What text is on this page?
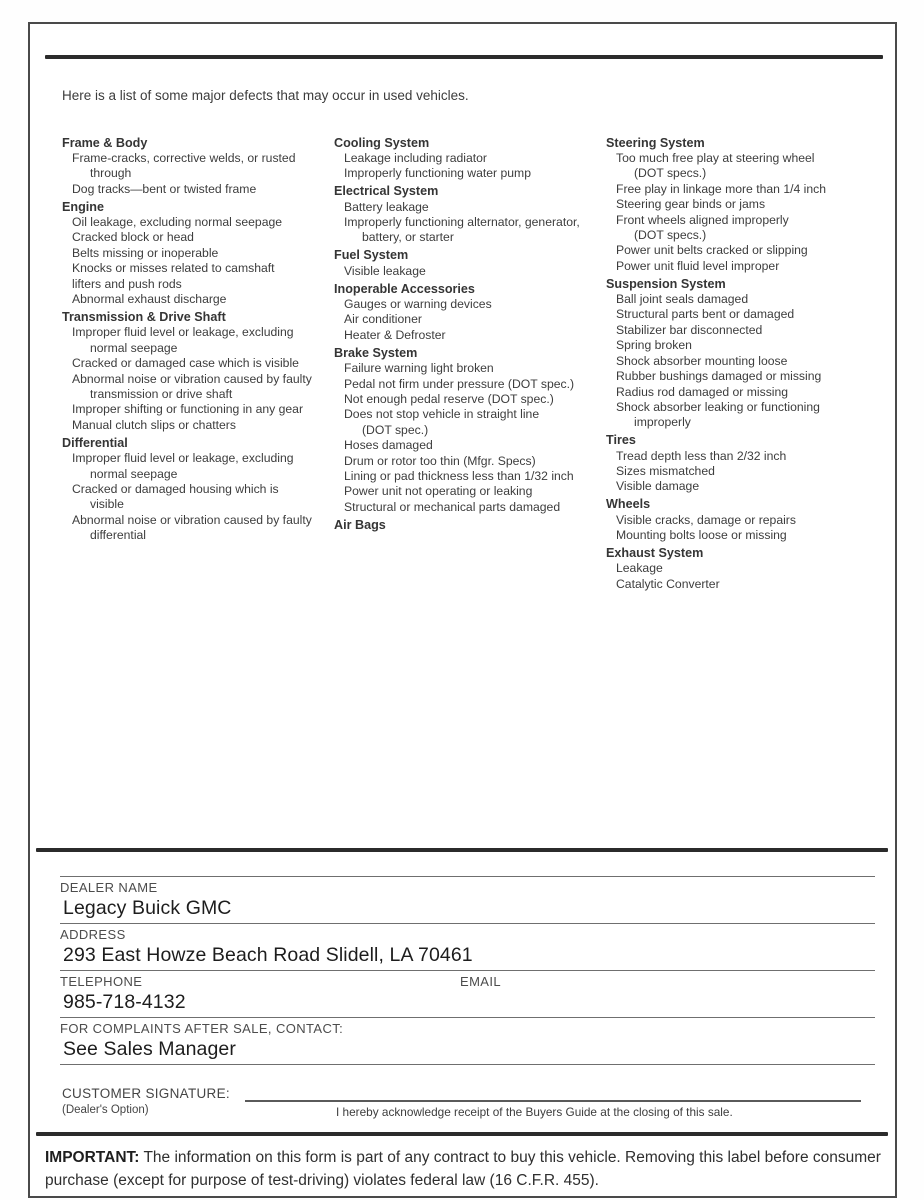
Here is a list of some major defects that may occur in used vehicles.
Frame & Body
Frame-cracks, corrective welds, or rusted
through
Dog tracks—bent or twisted frame
Engine
Oil leakage, excluding normal seepage
Cracked block or head
Belts missing or inoperable
Knocks or misses related to camshaft
lifters and push rods
Abnormal exhaust discharge
Transmission & Drive Shaft
Improper fluid level or leakage, excluding
normal seepage
Cracked or damaged case which is visible
Abnormal noise or vibration caused by faulty
transmission or drive shaft
Improper shifting or functioning in any gear
Manual clutch slips or chatters
Differential
Improper fluid level or leakage, excluding
normal seepage
Cracked or damaged housing which is
visible
Abnormal noise or vibration caused by faulty
differential
Cooling System
Leakage including radiator
Improperly functioning water pump
Electrical System
Battery leakage
Improperly functioning alternator, generator,
battery, or starter
Fuel System
Visible leakage
Inoperable Accessories
Gauges or warning devices
Air conditioner
Heater & Defroster
Brake System
Failure warning light broken
Pedal not firm under pressure (DOT spec.)
Not enough pedal reserve (DOT spec.)
Does not stop vehicle in straight line
(DOT spec.)
Hoses damaged
Drum or rotor too thin (Mfgr. Specs)
Lining or pad thickness less than 1/32 inch
Power unit not operating or leaking
Structural or mechanical parts damaged
Air Bags
Steering System
Too much free play at steering wheel
(DOT specs.)
Free play in linkage more than 1/4 inch
Steering gear binds or jams
Front wheels aligned improperly
(DOT specs.)
Power unit belts cracked or slipping
Power unit fluid level improper
Suspension System
Ball joint seals damaged
Structural parts bent or damaged
Stabilizer bar disconnected
Spring broken
Shock absorber mounting loose
Rubber bushings damaged or missing
Radius rod damaged or missing
Shock absorber leaking or functioning
improperly
Tires
Tread depth less than 2/32 inch
Sizes mismatched
Visible damage
Wheels
Visible cracks, damage or repairs
Mounting bolts loose or missing
Exhaust System
Leakage
Catalytic Converter
DEALER NAME
Legacy Buick GMC
ADDRESS
293 East Howze Beach Road Slidell, LA 70461
TELEPHONE
985-718-4132
EMAIL
FOR COMPLAINTS AFTER SALE, CONTACT:
See Sales Manager
CUSTOMER SIGNATURE:
(Dealer's Option)	I hereby acknowledge receipt of the Buyers Guide at the closing of this sale.
IMPORTANT: The information on this form is part of any contract to buy this vehicle. Removing this label before consumer purchase (except for purpose of test-driving) violates federal law (16 C.F.R. 455).
